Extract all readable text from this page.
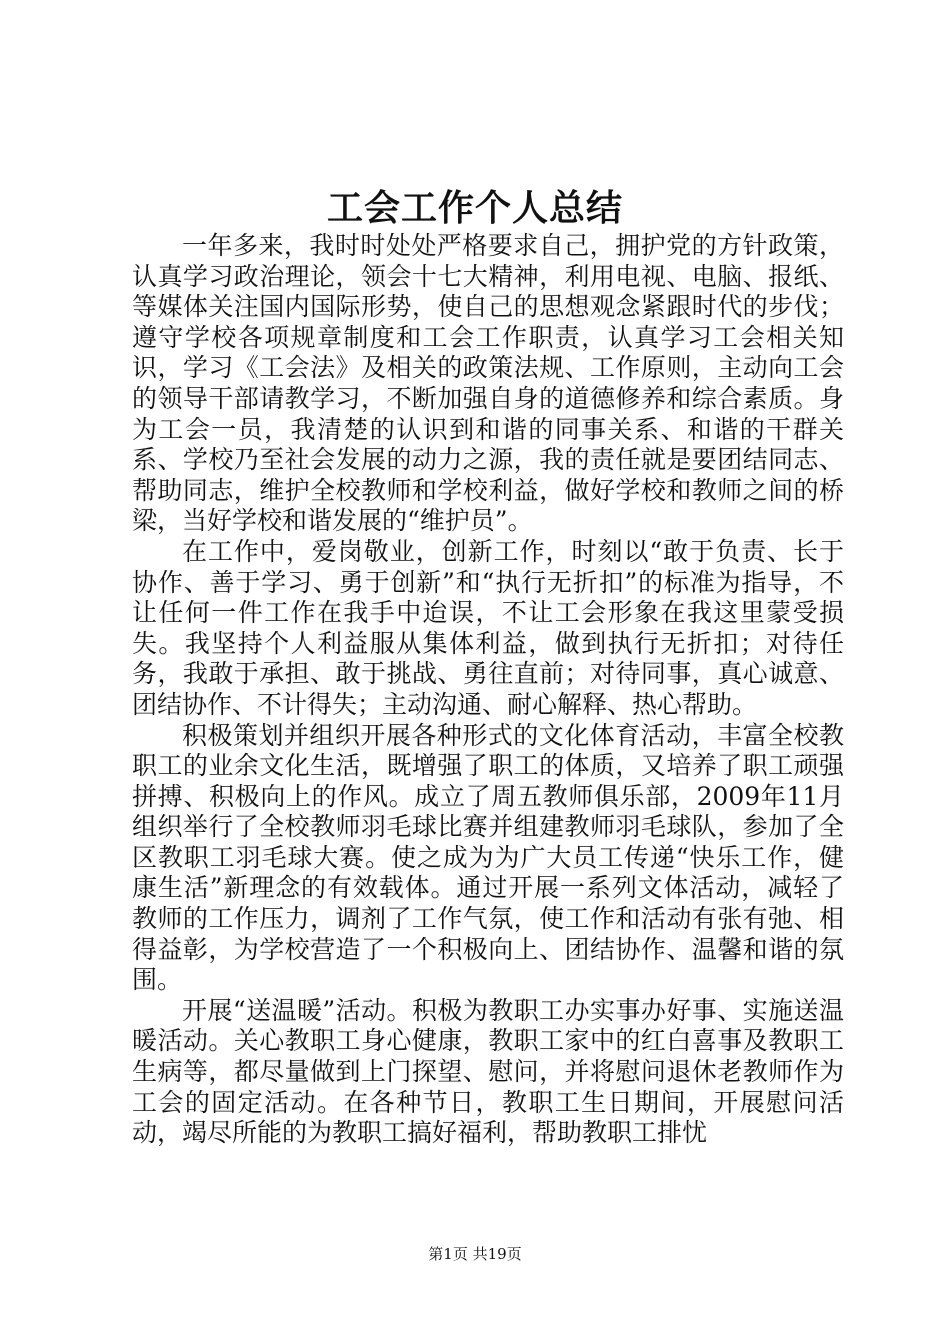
工会工作个人总结

一年多来，我时时处处严格要求自己，拥护党的方针政策，认真学习政治理论，领会十七大精神，利用电视、电脑、报纸、等媒体关注国内国际形势，使自己的思想观念紧跟时代的步伐；遵守学校各项规章制度和工会工作职责，认真学习工会相关知识，学习《工会法》及相关的政策法规、工作原则，主动向工会的领导干部请教学习，不断加强自身的道德修养和综合素质。身为工会一员，我清楚的认识到和谐的同事关系、和谐的干群关系、学校乃至社会发展的动力之源，我的责任就是要团结同志、帮助同志，维护全校教师和学校利益，做好学校和教师之间的桥梁，当好学校和谐发展的“维护员”。

在工作中，爱岗敬业，创新工作，时刻以“敢于负责、长于协作、善于学习、勇于创新”和“执行无折扣”的标准为指导，不让任何一件工作在我手中迨误，不让工会形象在我这里蒙受损失。我坚持个人利益服从集体利益，做到执行无折扣；对待任务，我敢于承担、敢于挑战、勇往直前；对待同事，真心诚意、团结协作、不计得失；主动沟通、耐心解释、热心帮助。

积极策划并组织开展各种形式的文化体育活动，丰富全校教职工的业余文化生活，既增强了职工的体质，又培养了职工顽强拼搏、积极向上的作风。成立了周五教师俱乐部，2009年11月组织举行了全校教师羽毛球比赛并组建教师羽毛球队，参加了全区教职工羽毛球大赛。使之成为为广大员工传递“快乐工作，健康生活”新理念的有效载体。通过开展一系列文体活动，减轻了教师的工作压力，调剂了工作气氛，使工作和活动有张有弛、相得益彰，为学校营造了一个积极向上、团结协作、温馨和谐的氛围。

开展“送温暖”活动。积极为教职工办实事办好事、实施送温暖活动。关心教职工身心健康，教职工家中的红白喜事及教职工生病等，都尽量做到上门探望、慰问，并将慰问退休老教师作为工会的固定活动。在各种节日，教职工生日期间，开展慰问活动，竭尽所能的为教职工搞好福利，帮助教职工排忧

第1页 共19页
